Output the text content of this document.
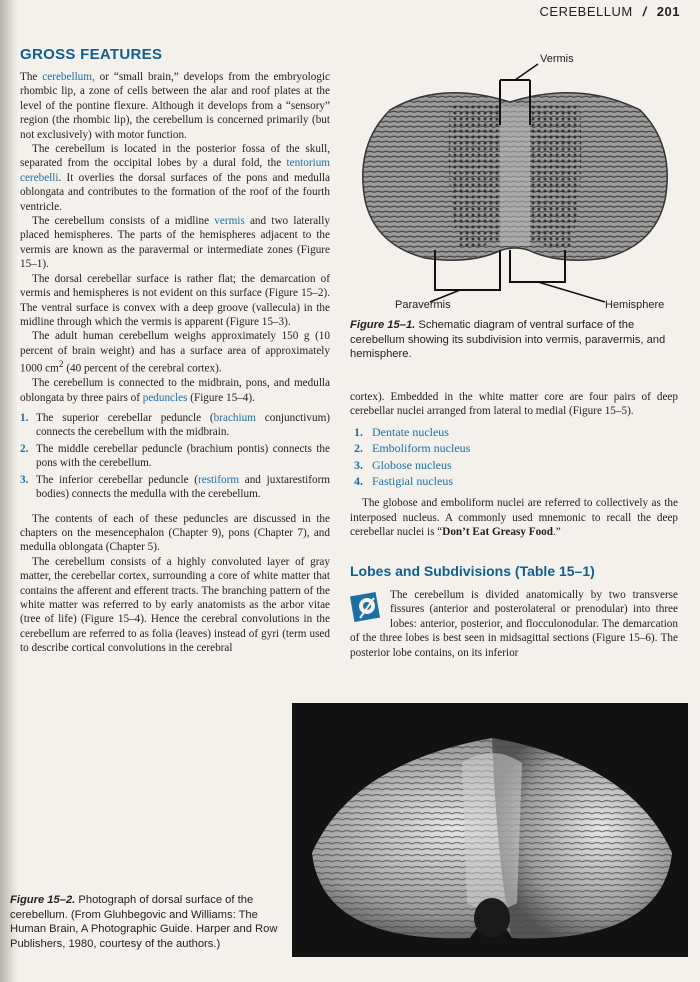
CEREBELLUM / 201
GROSS FEATURES

The cerebellum, or “small brain,” develops from the embryologic rhombic lip, a zone of cells between the alar and roof plates at the level of the pontine flexure. Although it develops from a “sensory” region (the rhombic lip), the cerebellum is concerned primarily (but not exclusively) with motor function.

The cerebellum is located in the posterior fossa of the skull, separated from the occipital lobes by a dural fold, the tentorium cerebelli. It overlies the dorsal surfaces of the pons and medulla oblongata and contributes to the formation of the roof of the fourth ventricle.

The cerebellum consists of a midline vermis and two laterally placed hemispheres. The parts of the hemispheres adjacent to the vermis are known as the paravermal or intermediate zones (Figure 15–1).

The dorsal cerebellar surface is rather flat; the demarcation of vermis and hemispheres is not evident on this surface (Figure 15–2). The ventral surface is convex with a deep groove (vallecula) in the midline through which the vermis is apparent (Figure 15–3).

The adult human cerebellum weighs approximately 150 g (10 percent of brain weight) and has a surface area of approximately 1000 $cm^2$ (40 percent of the cerebral cortex).

The cerebellum is connected to the midbrain, pons, and medulla oblongata by three pairs of peduncles (Figure 15–4).

1. The superior cerebellar peduncle (brachium conjunctivum) connects the cerebellum with the midbrain.
2. The middle cerebellar peduncle (brachium pontis) connects the pons with the cerebellum.
3. The inferior cerebellar peduncle (restiform and juxtarestiform bodies) connects the medulla with the cerebellum.

The contents of each of these peduncles are discussed in the chapters on the mesencephalon (Chapter 9), pons (Chapter 7), and medulla oblongata (Chapter 5).

The cerebellum consists of a highly convoluted layer of gray matter, the cerebellar cortex, surrounding a core of white matter that contains the afferent and efferent tracts. The branching pattern of the white matter was referred to by early anatomists as the arbor vitae (tree of life) (Figure 15–4). Hence the cerebral convolutions in the cerebellum are referred to as folia (leaves) instead of gyri (term used to describe cortical convolutions in the cerebral

Vermis
Paravermis	Hemisphere
Figure 15–1. Schematic diagram of ventral surface of the cerebellum showing its subdivision into vermis, paravermis, and hemisphere.

cortex). Embedded in the white matter core are four pairs of deep cerebellar nuclei arranged from lateral to medial (Figure 15–5).

1. Dentate nucleus
2. Emboliform nucleus
3. Globose nucleus
4. Fastigial nucleus

The globose and emboliform nuclei are referred to collectively as the interposed nucleus. A commonly used mnemonic to recall the deep cerebellar nuclei is “Don’t Eat Greasy Food.”

Lobes and Subdivisions (Table 15–1)

The cerebellum is divided anatomically by two transverse fissures (anterior and posterolateral or prenodular) into three lobes: anterior, posterior, and flocculonodular. The demarcation of the three lobes is best seen in midsagittal sections (Figure 15–6). The posterior lobe contains, on its inferior

Figure 15–2. Photograph of dorsal surface of the cerebellum. (From Gluhbegovic and Williams: The Human Brain, A Photographic Guide. Harper and Row Publishers, 1980, courtesy of the authors.)
